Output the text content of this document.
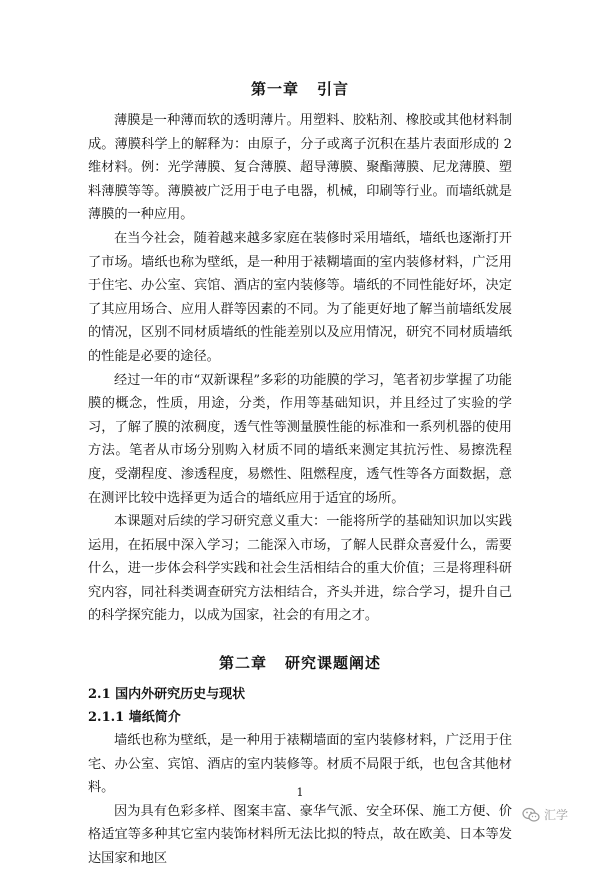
第一章 引言

薄膜是一种薄而软的透明薄片。用塑料、胶粘剂、橡胶或其他材料制成。薄膜科学上的解释为：由原子，分子或离子沉积在基片表面形成的 2 维材料。例：光学薄膜、复合薄膜、超导薄膜、聚酯薄膜、尼龙薄膜、塑料薄膜等等。薄膜被广泛用于电子电器，机械，印刷等行业。而墙纸就是薄膜的一种应用。

在当今社会，随着越来越多家庭在装修时采用墙纸，墙纸也逐渐打开了市场。墙纸也称为壁纸，是一种用于裱糊墙面的室内装修材料，广泛用于住宅、办公室、宾馆、酒店的室内装修等。墙纸的不同性能好坏，决定了其应用场合、应用人群等因素的不同。为了能更好地了解当前墙纸发展的情况，区别不同材质墙纸的性能差别以及应用情况，研究不同材质墙纸的性能是必要的途径。

经过一年的市“双新课程”多彩的功能膜的学习，笔者初步掌握了功能膜的概念，性质，用途，分类，作用等基础知识，并且经过了实验的学习，了解了膜的浓稠度，透气性等测量膜性能的标准和一系列机器的使用方法。笔者从市场分别购入材质不同的墙纸来测定其抗污性、易擦洗程度，受潮程度、渗透程度，易燃性、阻燃程度，透气性等各方面数据，意在测评比较中选择更为适合的墙纸应用于适宜的场所。

本课题对后续的学习研究意义重大：一能将所学的基础知识加以实践运用，在拓展中深入学习；二能深入市场，了解人民群众喜爱什么，需要什么，进一步体会科学实践和社会生活相结合的重大价值；三是将理科研究内容，同社科类调查研究方法相结合，齐头并进，综合学习，提升自己的科学探究能力，以成为国家，社会的有用之才。

第二章 研究课题阐述
2.1 国内外研究历史与现状
2.1.1 墙纸简介

墙纸也称为壁纸，是一种用于裱糊墙面的室内装修材料，广泛用于住宅、办公室、宾馆、酒店的室内装修等。材质不局限于纸，也包含其他材料。

因为具有色彩多样、图案丰富、豪华气派、安全环保、施工方便、价格适宜等多种其它室内装饰材料所无法比拟的特点，故在欧美、日本等发达国家和地区

1
汇学
